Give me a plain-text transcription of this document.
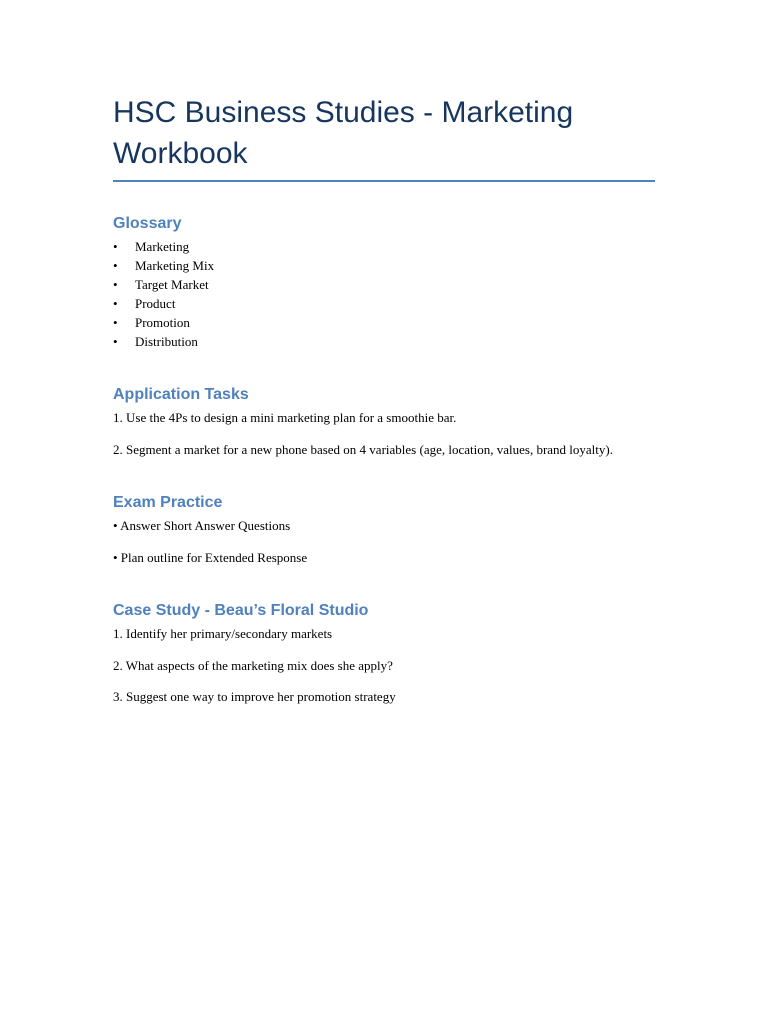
HSC Business Studies - Marketing Workbook
Glossary
• Marketing
• Marketing Mix
• Target Market
• Product
• Promotion
• Distribution
Application Tasks

1. Use the 4Ps to design a mini marketing plan for a smoothie bar.

2. Segment a market for a new phone based on 4 variables (age, location, values, brand loyalty).

Exam Practice

• Answer Short Answer Questions

• Plan outline for Extended Response

Case Study - Beau’s Floral Studio

1. Identify her primary/secondary markets

2. What aspects of the marketing mix does she apply?

3. Suggest one way to improve her promotion strategy
